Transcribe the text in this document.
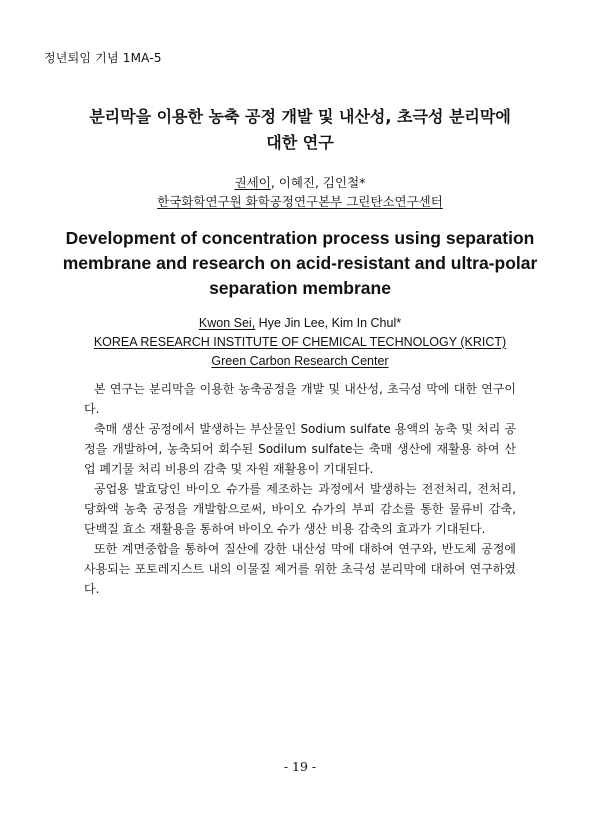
정년퇴임 기념 1MA-5
분리막을 이용한 농축 공정 개발 및 내산성, 초극성 분리막에
대한 연구
권세이, 이혜진, 김인철*
한국화학연구원 화학공정연구본부 그린탄소연구센터
Development of concentration process using separation
membrane and research on acid-resistant and ultra-polar
separation membrane
Kwon Sei, Hye Jin Lee, Kim In Chul*
KOREA RESEARCH INSTITUTE OF CHEMICAL TECHNOLOGY (KRICT)
Green Carbon Research Center

본 연구는 분리막을 이용한 농축공정을 개발 및 내산성, 초극성 막에 대한 연구이다.

축매 생산 공정에서 발생하는 부산물인 Sodium sulfate 용액의 농축 및 처리 공정을 개발하여, 농축되어 회수된 Sodilum sulfate는 축매 생산에 재활용 하여 산업 폐기물 처리 비용의 감축 및 자원 재활용이 기대된다.

공업용 발효당인 바이오 슈가를 제조하는 과정에서 발생하는 전전처리, 전처리, 당화액 농축 공정을 개발함으로써, 바이오 슈가의 부피 감소를 통한 물류비 감축, 단백질 효소 재활용을 통하여 바이오 슈가 생산 비용 감축의 효과가 기대된다.

또한 계면중합을 통하여 질산에 강한 내산성 막에 대하여 연구와, 반도체 공정에 사용되는 포토레지스트 내의 이물질 제거를 위한 초극성 분리막에 대하여 연구하였다.

- 19 -
